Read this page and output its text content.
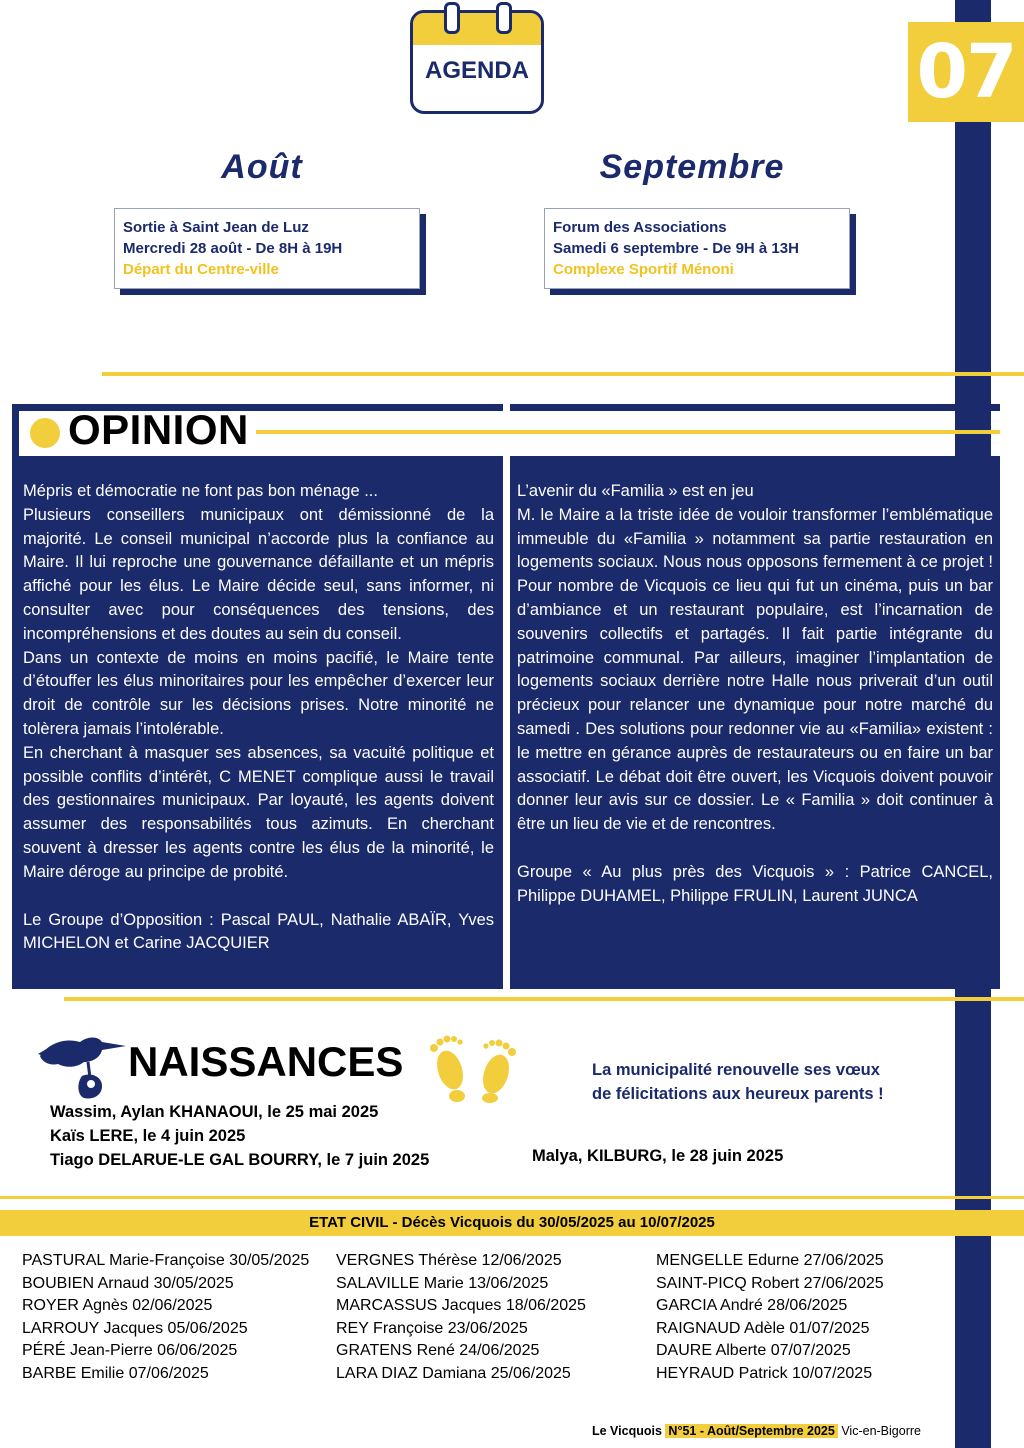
07
AGENDA
Août	Septembre
Sortie à Saint Jean de Luz
Mercredi 28 août - De 8H à 19H
Départ du Centre-ville
Forum des Associations
Samedi 6 septembre - De 9H à 13H
Complexe Sportif Ménoni
OPINION

Mépris et démocratie ne font pas bon ménage ...

Plusieurs conseillers municipaux ont démissionné de la majorité. Le conseil municipal n’accorde plus la confiance au Maire. Il lui reproche une gouvernance défaillante et un mépris affiché pour les élus. Le Maire décide seul, sans informer, ni consulter avec pour conséquences des tensions, des incompréhensions et des doutes au sein du conseil.

Dans un contexte de moins en moins pacifié, le Maire tente d’étouffer les élus minoritaires pour les empêcher d’exercer leur droit de contrôle sur les décisions prises. Notre minorité ne tolèrera jamais l’intolérable.

En cherchant à masquer ses absences, sa vacuité politique et possible conflits d’intérêt, C MENET complique aussi le travail des gestionnaires municipaux. Par loyauté, les agents doivent assumer des responsabilités tous azimuts. En cherchant souvent à dresser les agents contre les élus de la minorité, le Maire déroge au principe de probité.

Le Groupe d’Opposition : Pascal PAUL, Nathalie ABAÏR, Yves MICHELON et Carine JACQUIER

L’avenir du «Familia » est en jeu

M. le Maire a la triste idée de vouloir transformer l’emblématique immeuble du «Familia » notamment sa partie restauration en logements sociaux. Nous nous opposons fermement à ce projet ! Pour nombre de Vicquois ce lieu qui fut un cinéma, puis un bar d’ambiance et un restaurant populaire, est l’incarnation de souvenirs collectifs et partagés. Il fait partie intégrante du patrimoine communal. Par ailleurs, imaginer l’implantation de logements sociaux derrière notre Halle nous priverait d’un outil précieux pour relancer une dynamique pour notre marché du samedi . Des solutions pour redonner vie au «Familia» existent : le mettre en gérance auprès de restaurateurs ou en faire un bar associatif. Le débat doit être ouvert, les Vicquois doivent pouvoir donner leur avis sur ce dossier. Le « Familia » doit continuer à être un lieu de vie et de rencontres.

Groupe « Au plus près des Vicquois » : Patrice CANCEL, Philippe DUHAMEL, Philippe FRULIN, Laurent JUNCA

NAISSANCES	La municipalité renouvelle ses vœux
de félicitations aux heureux parents !
Wassim, Aylan KHANAOUI, le 25 mai 2025
Kaïs LERE, le 4 juin 2025
Tiago DELARUE-LE GAL BOURRY, le 7 juin 2025	Malya, KILBURG, le 28 juin 2025
ETAT CIVIL - Décès Vicquois du 30/05/2025 au 10/07/2025
PASTURAL Marie-Françoise 30/05/2025
BOUBIEN Arnaud 30/05/2025
ROYER Agnès 02/06/2025
LARROUY Jacques 05/06/2025
PÉRÉ Jean-Pierre 06/06/2025
BARBE Emilie 07/06/2025
VERGNES Thérèse 12/06/2025
SALAVILLE Marie 13/06/2025
MARCASSUS Jacques 18/06/2025
REY Françoise 23/06/2025
GRATENS René 24/06/2025
LARA DIAZ Damiana 25/06/2025
MENGELLE Edurne 27/06/2025
SAINT-PICQ Robert 27/06/2025
GARCIA André 28/06/2025
RAIGNAUD Adèle 01/07/2025
DAURE Alberte 07/07/2025
HEYRAUD Patrick 10/07/2025
Le Vicquois N°51 - Août/Septembre 2025 Vic-en-Bigorre
